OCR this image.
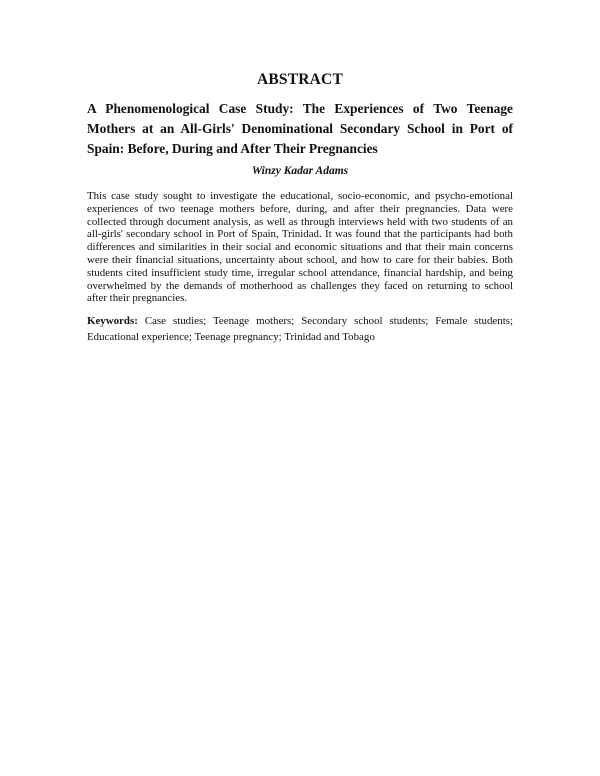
ABSTRACT
A Phenomenological Case Study: The Experiences of Two Teenage Mothers at an All-Girls' Denominational Secondary School in Port of Spain: Before, During and After Their Pregnancies

Winzy Kadar Adams

This case study sought to investigate the educational, socio-economic, and psycho-emotional experiences of two teenage mothers before, during, and after their pregnancies. Data were collected through document analysis, as well as through interviews held with two students of an all-girls' secondary school in Port of Spain, Trinidad. It was found that the participants had both differences and similarities in their social and economic situations and that their main concerns were their financial situations, uncertainty about school, and how to care for their babies. Both students cited insufficient study time, irregular school attendance, financial hardship, and being overwhelmed by the demands of motherhood as challenges they faced on returning to school after their pregnancies.

Keywords: Case studies; Teenage mothers; Secondary school students; Female students; Educational experience; Teenage pregnancy; Trinidad and Tobago
